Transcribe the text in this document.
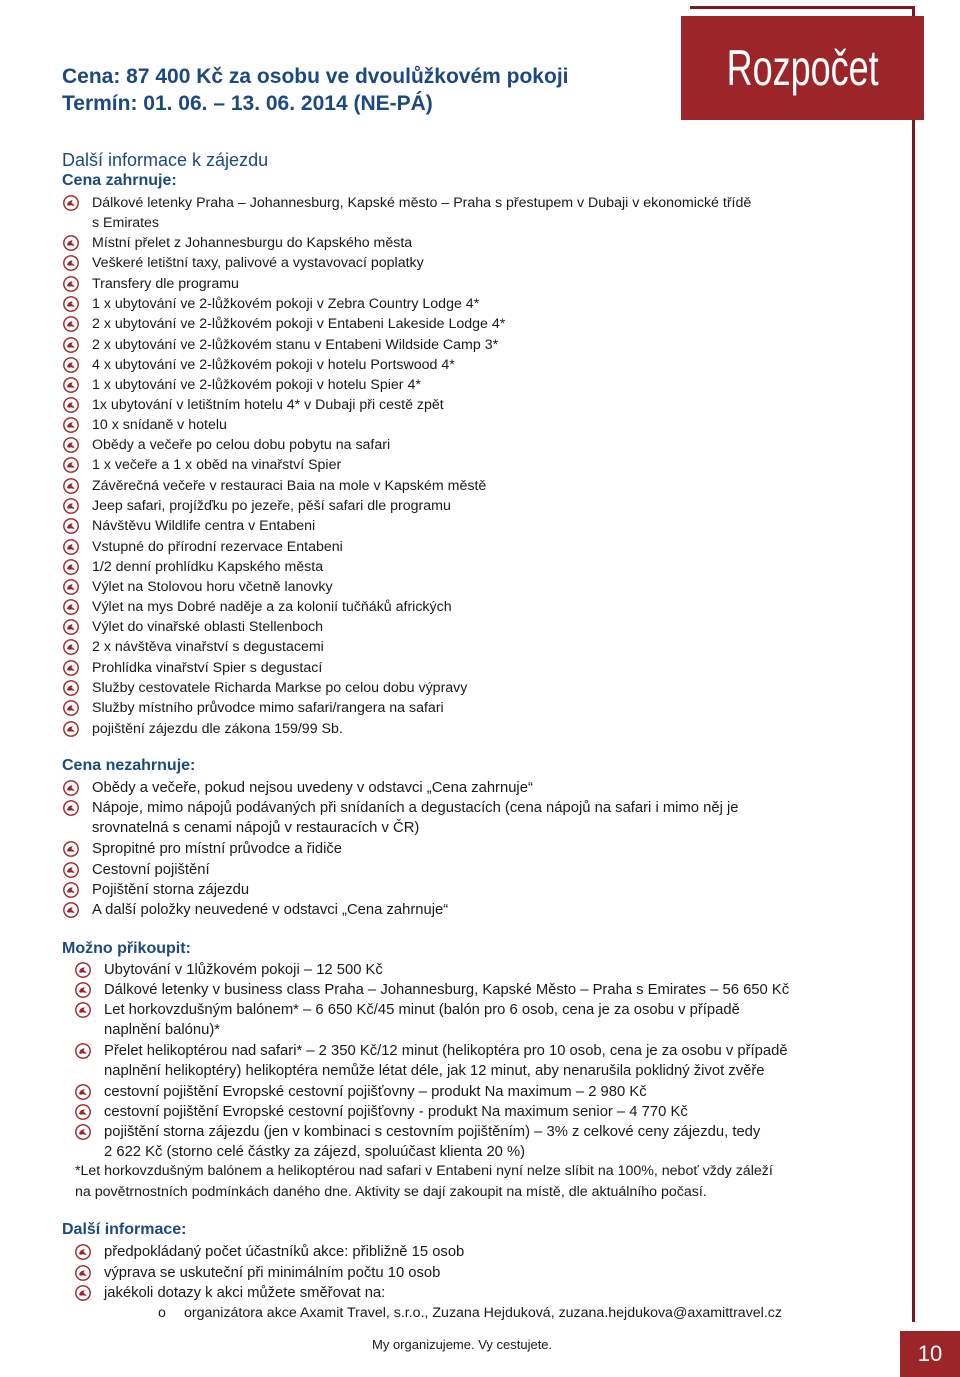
Rozpočet
Cena: 87 400 Kč za osobu ve dvoulůžkovém pokoji
Termín: 01. 06. – 13. 06. 2014 (NE-PÁ)
Další informace k zájezdu
Cena zahrnuje:
Cena nezahrnuje:
Možno přikoupit:
Další informace:
Dálkové letenky Praha – Johannesburg, Kapské město – Praha s přestupem v Dubaji v ekonomické třídě
s Emirates
Místní přelet z Johannesburgu do Kapského města
Veškeré letištní taxy, palivové a vystavovací poplatky
Transfery dle programu
1 x ubytování ve 2-lůžkovém pokoji v Zebra Country Lodge 4*
2 x ubytování ve 2-lůžkovém pokoji v Entabeni Lakeside Lodge 4*
2 x ubytování ve 2-lůžkovém stanu v Entabeni Wildside Camp 3*
4 x ubytování ve 2-lůžkovém pokoji v hotelu Portswood 4*
1 x ubytování ve 2-lůžkovém pokoji v hotelu Spier 4*
1x ubytování v letištním hotelu 4* v Dubaji při cestě zpět
10 x snídaně v hotelu
Obědy a večeře po celou dobu pobytu na safari
1 x večeře a 1 x oběd na vinařství Spier
Závěrečná večeře v restauraci Baia na mole v Kapském městě
Jeep safari, projížďku po jezeře, pěší safari dle programu
Návštěvu Wildlife centra v Entabeni
Vstupné do přírodní rezervace Entabeni
1/2 denní prohlídku Kapského města
Výlet na Stolovou horu včetně lanovky
Výlet na mys Dobré naděje a za kolonií tučňáků afrických
Výlet do vinařské oblasti Stellenboch
2 x návštěva vinařství s degustacemi
Prohlídka vinařství Spier s degustací
Služby cestovatele Richarda Markse po celou dobu výpravy
Služby místního průvodce mimo safari/rangera na safari
pojištění zájezdu dle zákona 159/99 Sb.
Obědy a večeře, pokud nejsou uvedeny v odstavci „Cena zahrnuje“
Nápoje, mimo nápojů podávaných při snídaních a degustacích (cena nápojů na safari i mimo něj je
srovnatelná s cenami nápojů v restauracích v ČR)
Spropitné pro místní průvodce a řidiče
Cestovní pojištění
Pojištění storna zájezdu
A další položky neuvedené v odstavci „Cena zahrnuje“
Ubytování v 1lůžkovém pokoji – 12 500 Kč
Dálkové letenky v business class Praha – Johannesburg, Kapské Město – Praha s Emirates – 56 650 Kč
Let horkovzdušným balónem* – 6 650 Kč/45 minut (balón pro 6 osob, cena je za osobu v případě
naplnění balónu)*
Přelet helikoptérou nad safari* – 2 350 Kč/12 minut (helikoptéra pro 10 osob, cena je za osobu v případě
naplnění helikoptéry) helikoptéra nemůže létat déle, jak 12 minut, aby nenarušila poklidný život zvěře
cestovní pojištění Evropské cestovní pojišťovny – produkt Na maximum – 2 980 Kč
cestovní pojištění Evropské cestovní pojišťovny - produkt Na maximum senior – 4 770 Kč
pojištění storna zájezdu (jen v kombinaci s cestovním pojištěním) – 3% z celkové ceny zájezdu, tedy
2 622 Kč (storno celé částky za zájezd, spoluúčast klienta 20 %)
předpokládaný počet účastníků akce: přibližně 15 osob
výprava se uskuteční při minimálním počtu 10 osob
jakékoli dotazy k akci můžete směřovat na:
*Let horkovzdušným balónem a helikoptérou nad safari v Entabeni nyní nelze slíbit na 100%, neboť vždy záleží
na povětrnostních podmínkách daného dne. Aktivity se dají zakoupit na místě, dle aktuálního počasí.
o organizátora akce Axamit Travel, s.r.o., Zuzana Hejduková, zuzana.hejdukova@axamittravel.cz
My organizujeme. Vy cestujete.	10
